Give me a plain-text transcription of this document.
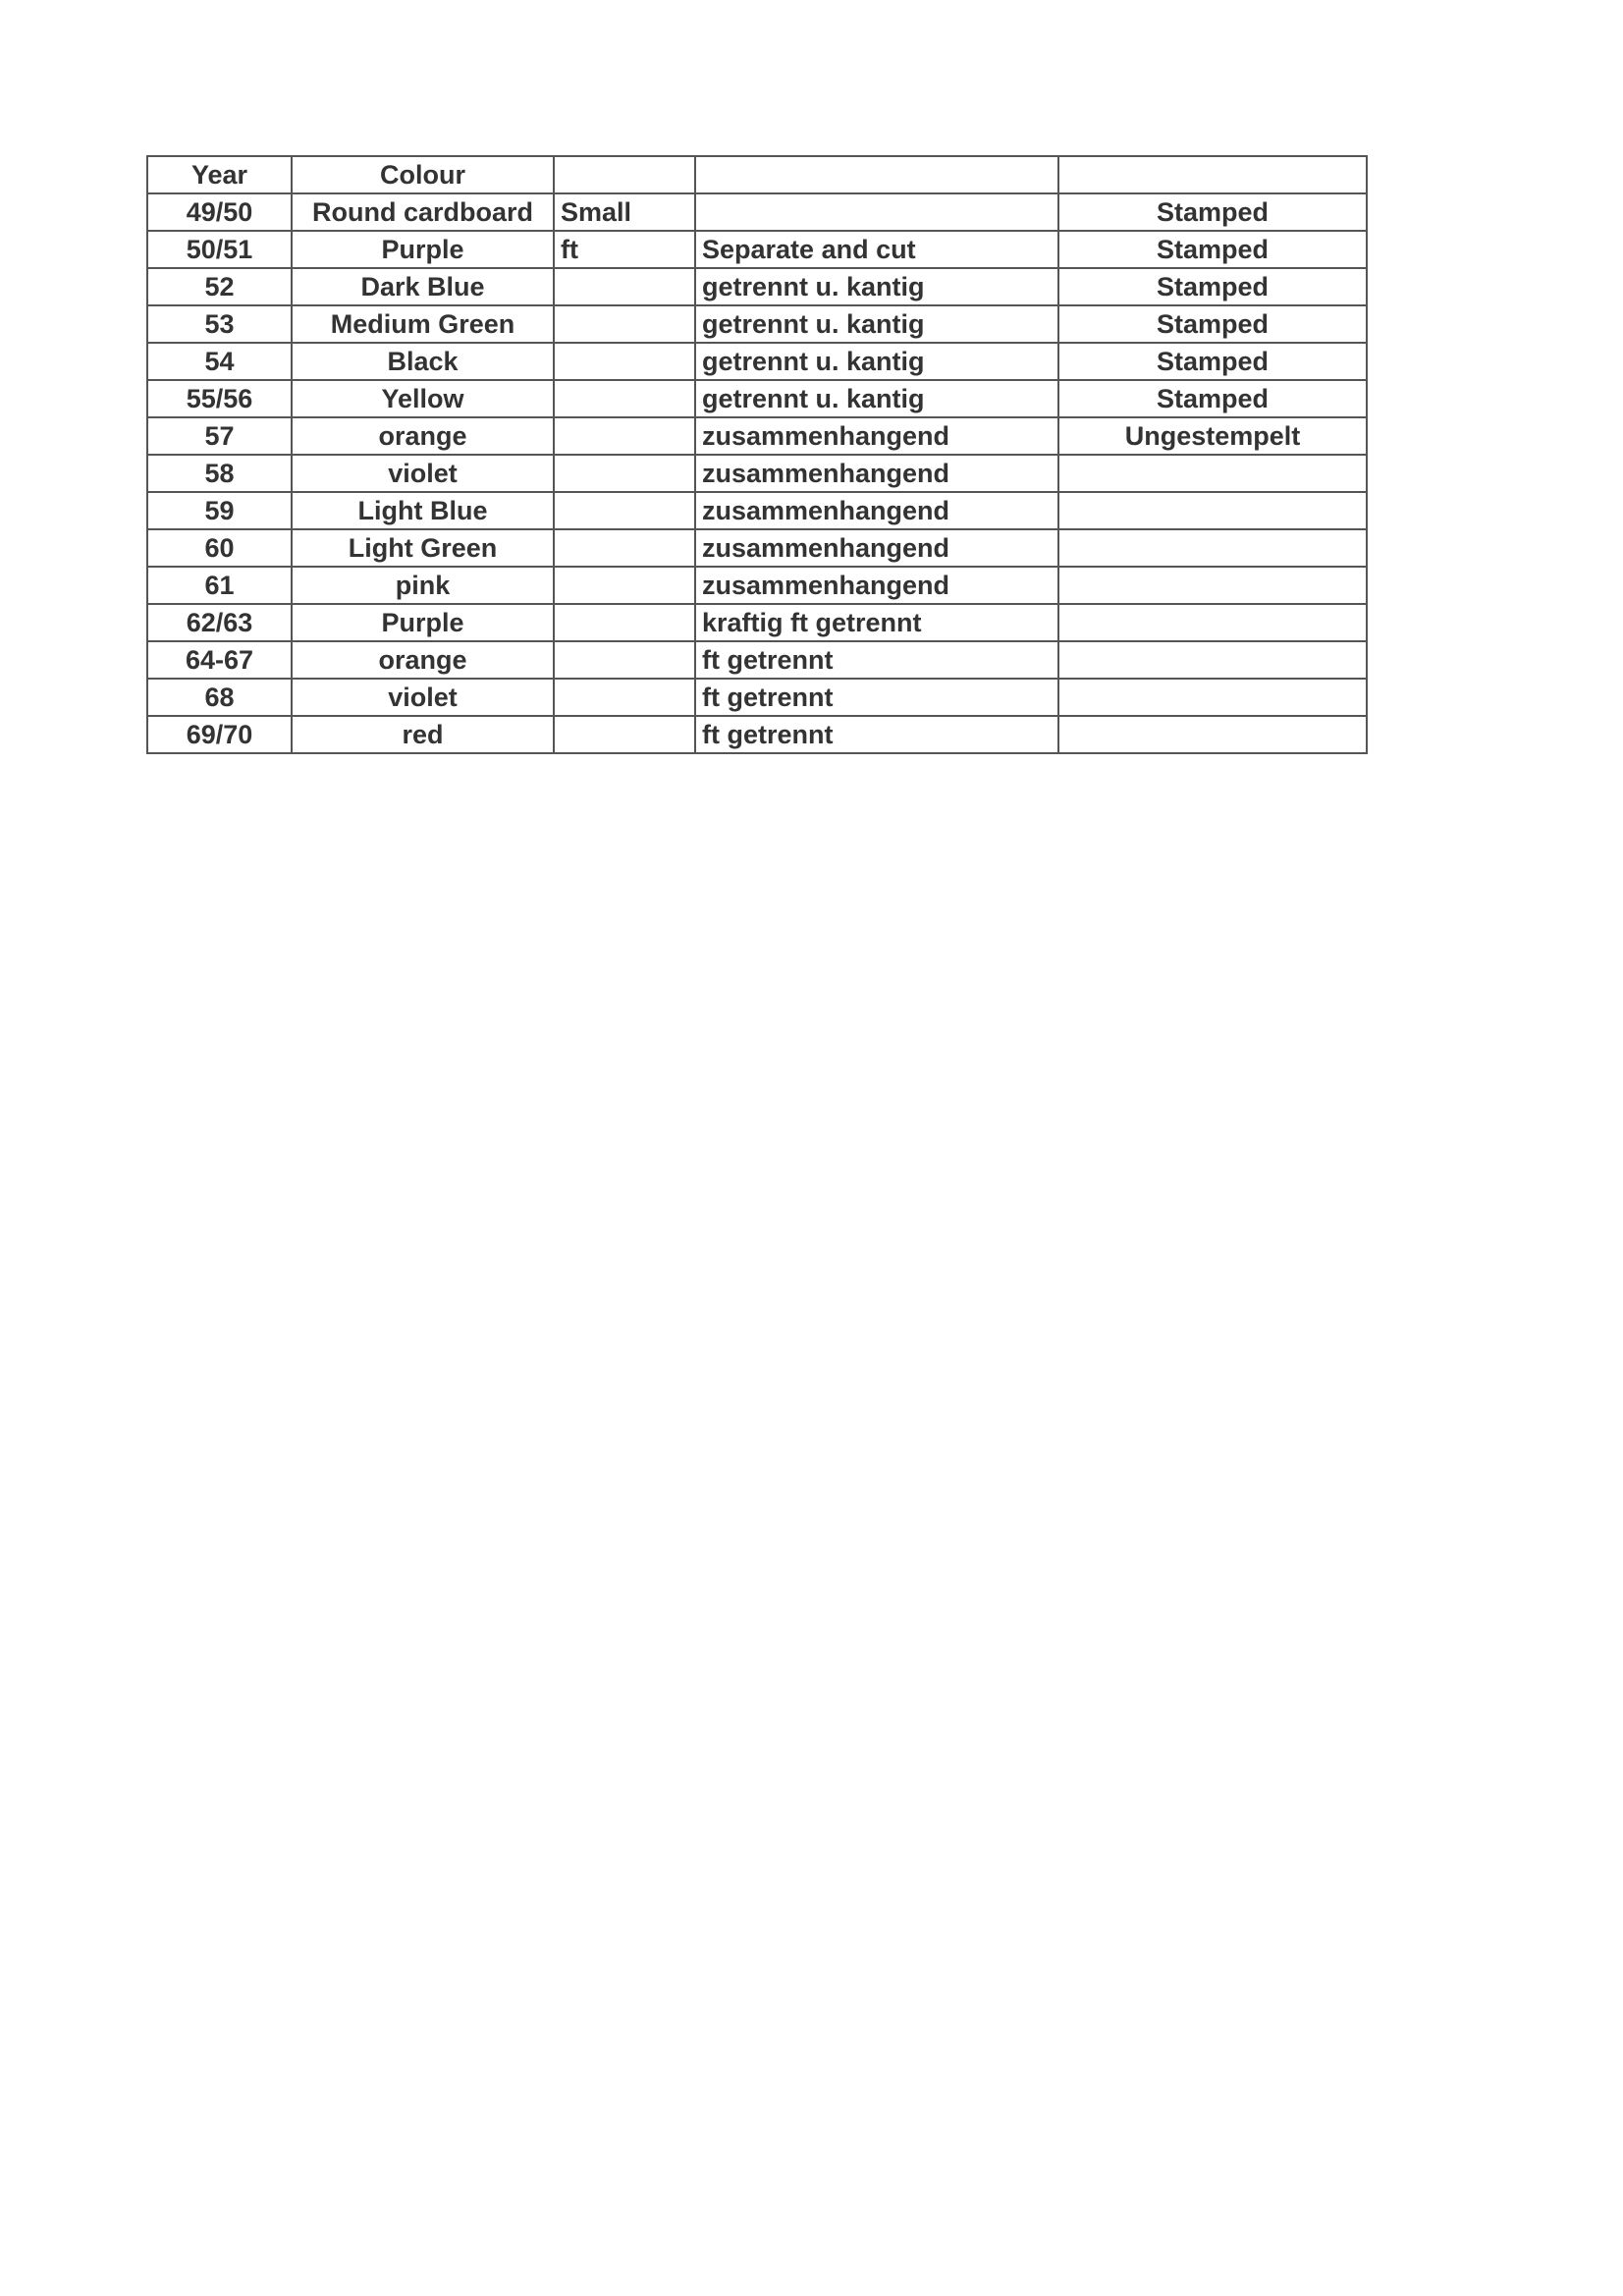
Year	Colour			
49/50	Round cardboard	Small		Stamped
50/51	Purple	ft	Separate and cut	Stamped
52	Dark Blue		getrennt u. kantig	Stamped
53	Medium Green		getrennt u. kantig	Stamped
54	Black		getrennt u. kantig	Stamped
55/56	Yellow		getrennt u. kantig	Stamped
57	orange		zusammenhangend	Ungestempelt
58	violet		zusammenhangend	
59	Light Blue		zusammenhangend	
60	Light Green		zusammenhangend	
61	pink		zusammenhangend	
62/63	Purple		kraftig ft getrennt	
64-67	orange		ft getrennt	
68	violet		ft getrennt	
69/70	red		ft getrennt	
